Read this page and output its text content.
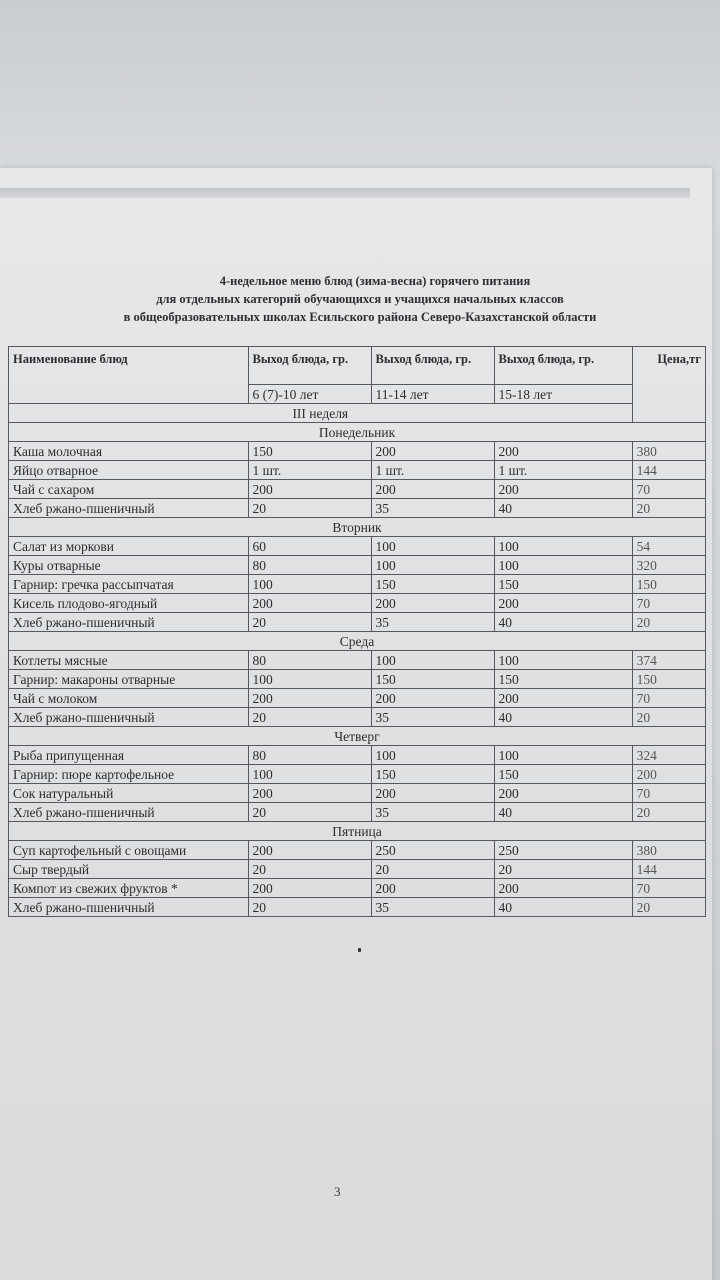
4-недельное меню блюд (зима-весна) горячего питания
для отдельных категорий обучающихся и учащихся начальных классов
в общеобразовательных школах Есильского района Северо-Казахстанской области
Наименование блюд	Выход блюда, гр.	Выход блюда, гр.	Выход блюда, гр.	Цена,тг
	6 (7)-10 лет	11-14 лет	15-18 лет	
III неделя				
Понедельник				
Каша молочная	150	200	200	380
Яйцо отварное	1 шт.	1 шт.	1 шт.	144
Чай с сахаром	200	200	200	70
Хлеб ржано-пшеничный	20	35	40	20
Вторник				
Салат из моркови	60	100	100	54
Куры отварные	80	100	100	320
Гарнир: гречка рассыпчатая	100	150	150	150
Кисель плодово-ягодный	200	200	200	70
Хлеб ржано-пшеничный	20	35	40	20
Среда				
Котлеты мясные	80	100	100	374
Гарнир: макароны отварные	100	150	150	150
Чай с молоком	200	200	200	70
Хлеб ржано-пшеничный	20	35	40	20
Четверг				
Рыба припущенная	80	100	100	324
Гарнир: пюре картофельное	100	150	150	200
Сок натуральный	200	200	200	70
Хлеб ржано-пшеничный	20	35	40	20
Пятница				
Суп картофельный с овощами	200	250	250	380
Сыр твердый	20	20	20	144
Компот из свежих фруктов *	200	200	200	70
Хлеб ржано-пшеничный	20	35	40	20
3
